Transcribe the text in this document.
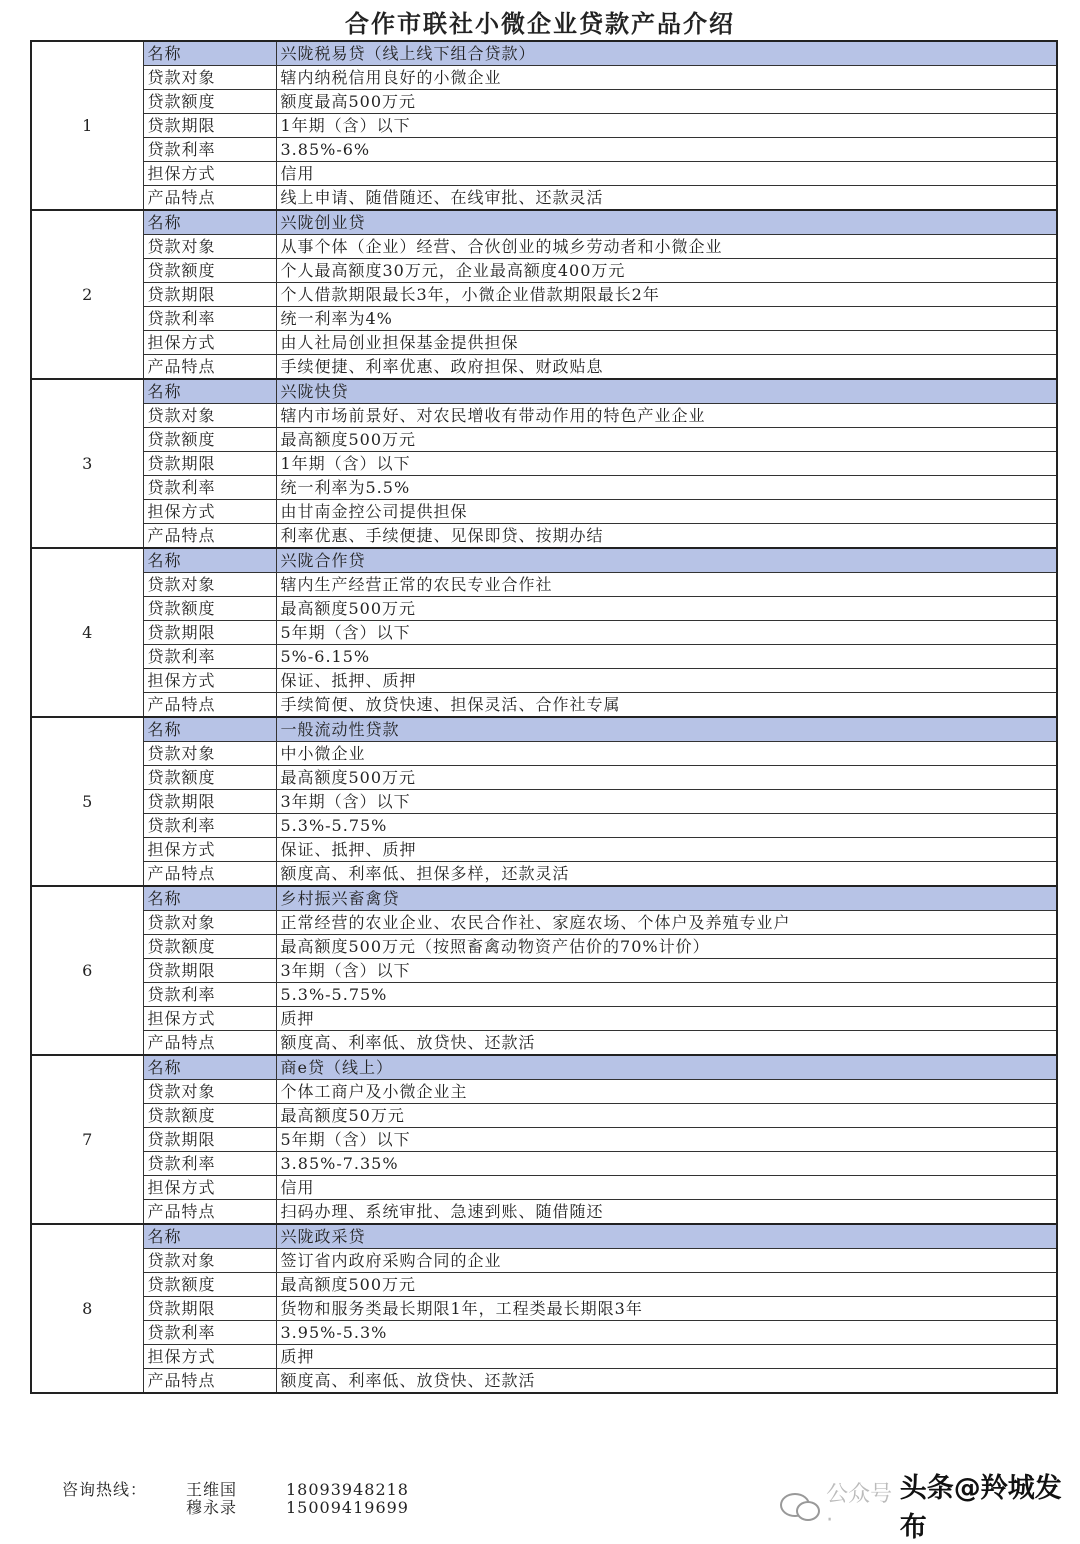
合作市联社小微企业贷款产品介绍
1	名称	兴陇税易贷（线上线下组合贷款）
	贷款对象	辖内纳税信用良好的小微企业
	贷款额度	额度最高500万元
	贷款期限	1年期（含）以下
	贷款利率	3.85%-6%
	担保方式	信用
	产品特点	线上申请、随借随还、在线审批、还款灵活
2	名称	兴陇创业贷
	贷款对象	从事个体（企业）经营、合伙创业的城乡劳动者和小微企业
	贷款额度	个人最高额度30万元，企业最高额度400万元
	贷款期限	个人借款期限最长3年，小微企业借款期限最长2年
	贷款利率	统一利率为4%
	担保方式	由人社局创业担保基金提供担保
	产品特点	手续便捷、利率优惠、政府担保、财政贴息
3	名称	兴陇快贷
	贷款对象	辖内市场前景好、对农民增收有带动作用的特色产业企业
	贷款额度	最高额度500万元
	贷款期限	1年期（含）以下
	贷款利率	统一利率为5.5%
	担保方式	由甘南金控公司提供担保
	产品特点	利率优惠、手续便捷、见保即贷、按期办结
4	名称	兴陇合作贷
	贷款对象	辖内生产经营正常的农民专业合作社
	贷款额度	最高额度500万元
	贷款期限	5年期（含）以下
	贷款利率	5%-6.15%
	担保方式	保证、抵押、质押
	产品特点	手续简便、放贷快速、担保灵活、合作社专属
5	名称	一般流动性贷款
	贷款对象	中小微企业
	贷款额度	最高额度500万元
	贷款期限	3年期（含）以下
	贷款利率	5.3%-5.75%
	担保方式	保证、抵押、质押
	产品特点	额度高、利率低、担保多样，还款灵活
6	名称	乡村振兴畜禽贷
	贷款对象	正常经营的农业企业、农民合作社、家庭农场、个体户及养殖专业户
	贷款额度	最高额度500万元（按照畜禽动物资产估价的70%计价）
	贷款期限	3年期（含）以下
	贷款利率	5.3%-5.75%
	担保方式	质押
	产品特点	额度高、利率低、放贷快、还款活
7	名称	商e贷（线上）
	贷款对象	个体工商户及小微企业主
	贷款额度	最高额度50万元
	贷款期限	5年期（含）以下
	贷款利率	3.85%-7.35%
	担保方式	信用
	产品特点	扫码办理、系统审批、急速到账、随借随还
8	名称	兴陇政采贷
	贷款对象	签订省内政府采购合同的企业
	贷款额度	最高额度500万元
	贷款期限	货物和服务类最长期限1年，工程类最长期限3年
	贷款利率	3.95%-5.3%
	担保方式	质押
	产品特点	额度高、利率低、放贷快、还款活
咨询热线：	王维国	18093948218
穆永录	15009419699
公众号·
头条@羚城发布
